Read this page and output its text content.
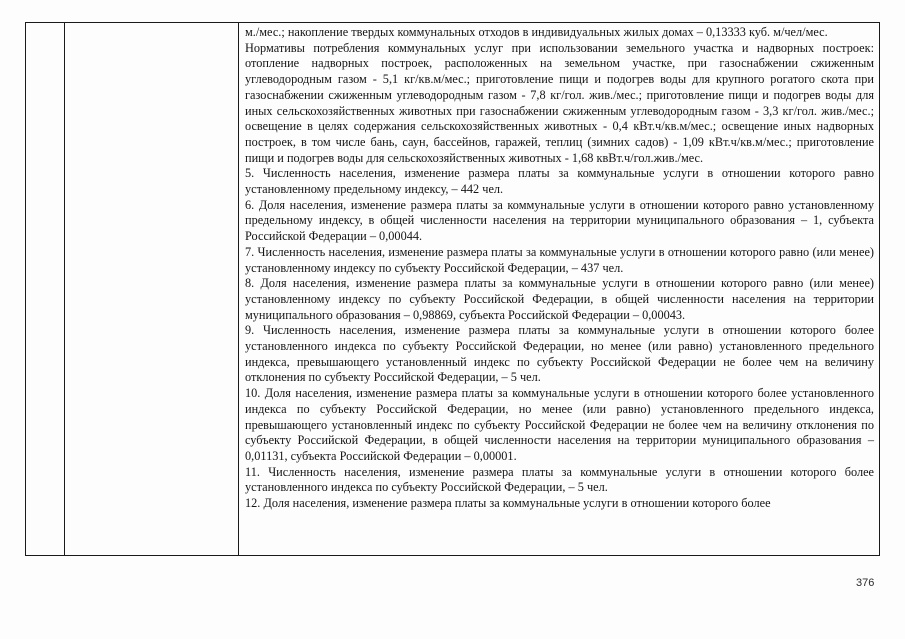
м./мес.; накопление твердых коммунальных отходов в индивидуальных жилых домах – 0,13333 куб. м/чел/мес.

Нормативы потребления коммунальных услуг при использовании земельного участка и надворных построек: отопление надворных построек, расположенных на земельном участке, при газоснабжении сжиженным углеводородным газом - 5,1 кг/кв.м/мес.; приготовление пищи и подогрев воды для крупного рогатого скота при газоснабжении сжиженным углеводородным газом - 7,8 кг/гол. жив./мес.; приготовление пищи и подогрев воды для иных сельскохозяйственных животных при газоснабжении сжиженным углеводородным газом - 3,3 кг/гол. жив./мес.; освещение в целях содержания сельскохозяйственных животных - 0,4 кВт.ч/кв.м/мес.; освещение иных надворных построек, в том числе бань, саун, бассейнов, гаражей, теплиц (зимних садов) - 1,09 кВт.ч/кв.м/мес.; приготовление пищи и подогрев воды для сельскохозяйственных животных - 1,68 квВт.ч/гол.жив./мес.

5. Численность населения, изменение размера платы за коммунальные услуги в отношении которого равно установленному предельному индексу, – 442 чел.

6. Доля населения, изменение размера платы за коммунальные услуги в отношении которого равно установленному предельному индексу, в общей численности населения на территории муниципального образования – 1, субъекта Российской Федерации – 0,00044.

7. Численность населения, изменение размера платы за коммунальные услуги в отношении которого равно (или менее) установленному индексу по субъекту Российской Федерации, – 437 чел.

8. Доля населения, изменение размера платы за коммунальные услуги в отношении которого равно (или менее) установленному индексу по субъекту Российской Федерации, в общей численности населения на территории муниципального образования – 0,98869, субъекта Российской Федерации – 0,00043.

9. Численность населения, изменение размера платы за коммунальные услуги в отношении которого более установленного индекса по субъекту Российской Федерации, но менее (или равно) установленного предельного индекса, превышающего установленный индекс по субъекту Российской Федерации не более чем на величину отклонения по субъекту Российской Федерации, – 5 чел.

10. Доля населения, изменение размера платы за коммунальные услуги в отношении которого более установленного индекса по субъекту Российской Федерации, но менее (или равно) установленного предельного индекса, превышающего установленный индекс по субъекту Российской Федерации не более чем на величину отклонения по субъекту Российской Федерации, в общей численности населения на территории муниципального образования – 0,01131, субъекта Российской Федерации – 0,00001.

11. Численность населения, изменение размера платы за коммунальные услуги в отношении которого более установленного индекса по субъекту Российской Федерации, – 5 чел.

12. Доля населения, изменение размера платы за коммунальные услуги в отношении которого более

376
